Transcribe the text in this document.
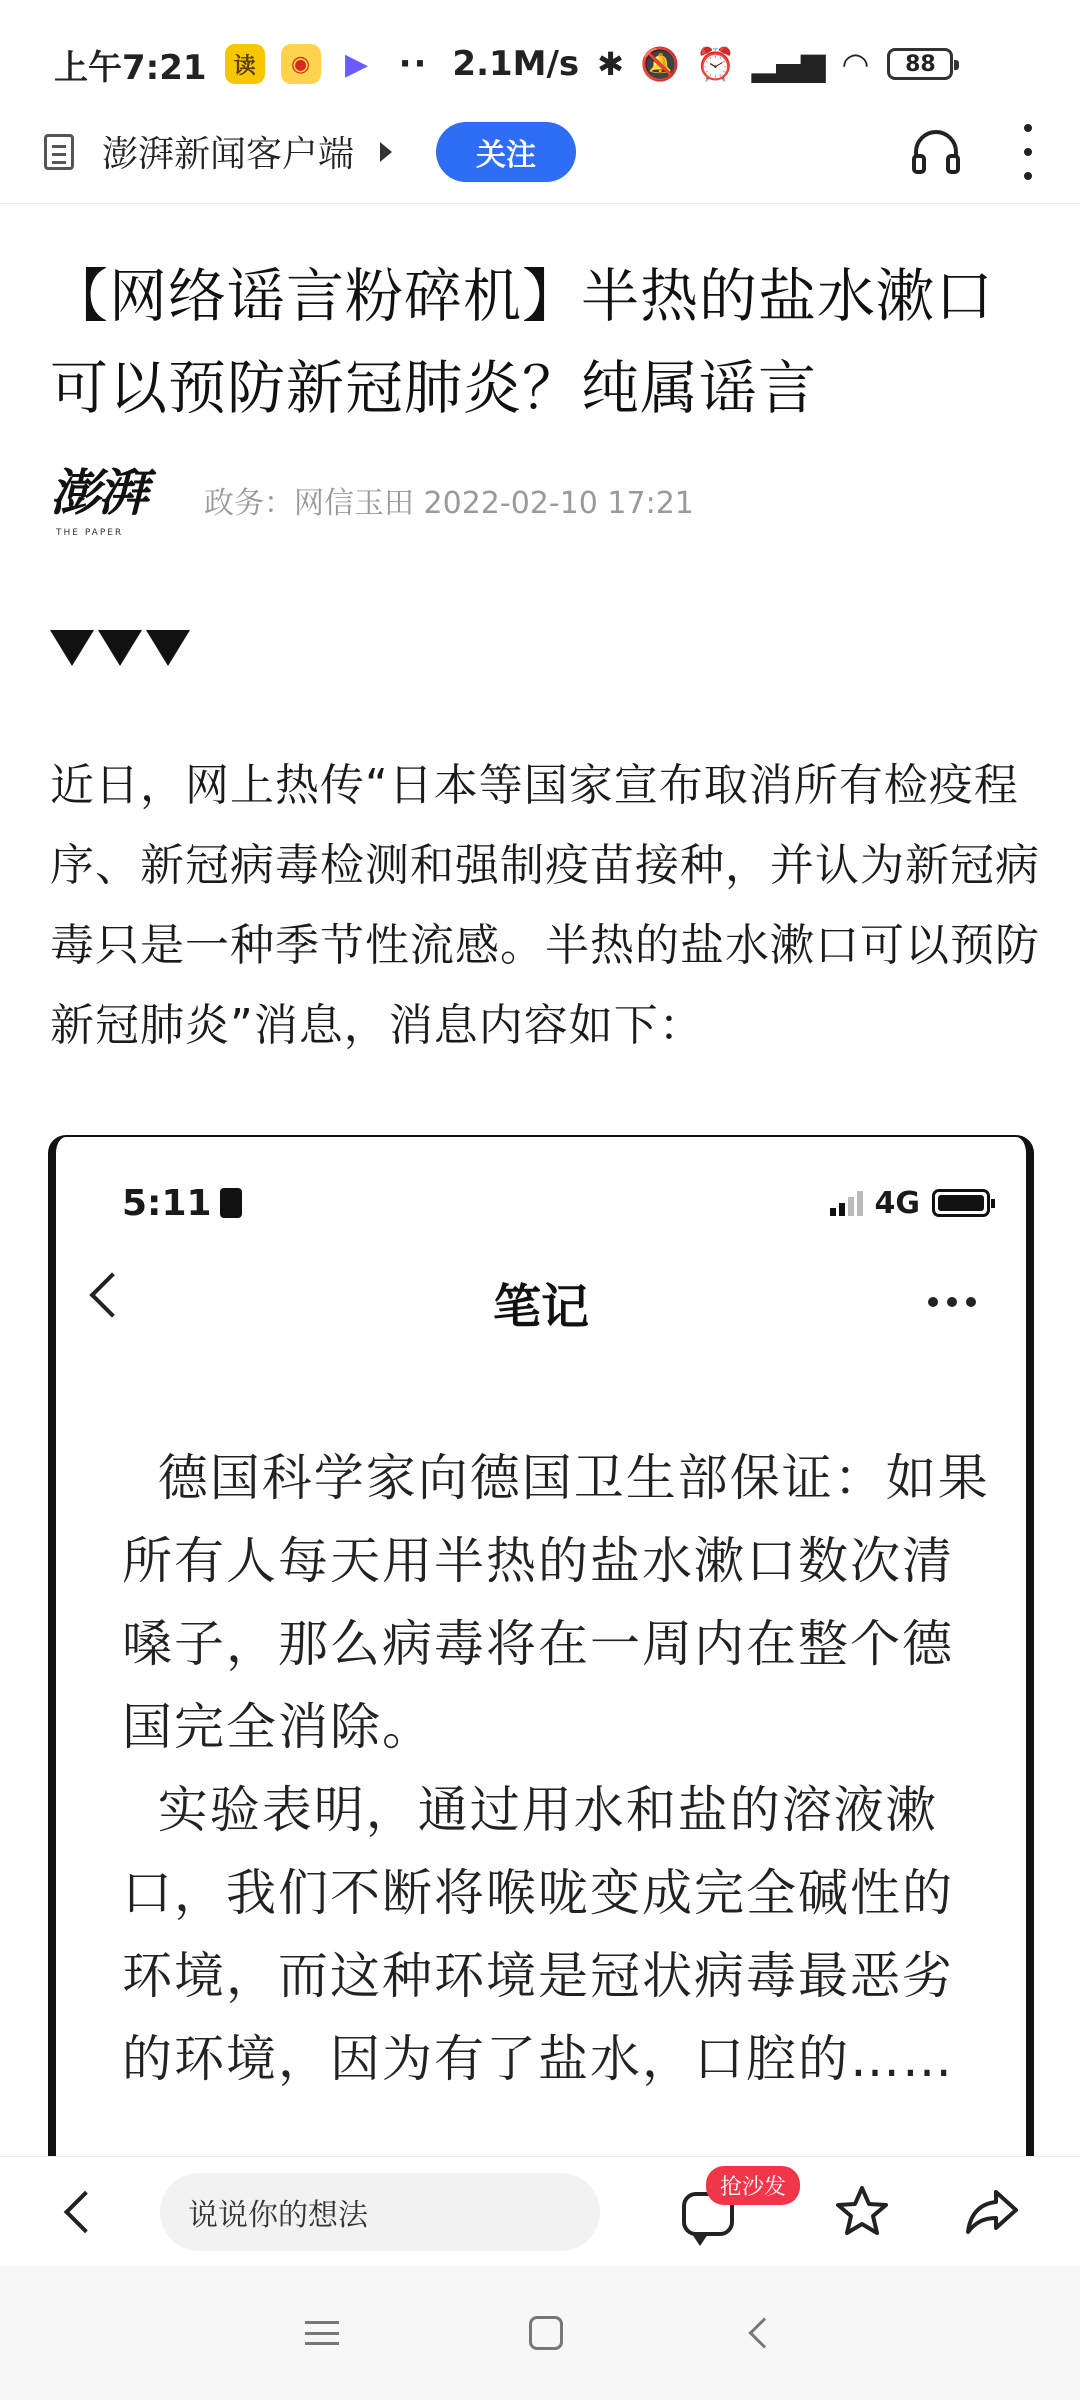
上午7:21	读	◉	▶ ·· 2.1M/s ✱ 🔕 ⏰ ▂▄▆ ◠	88
澎湃新闻客户端	关注
【网络谣言粉碎机】半热的盐水漱口可以预防新冠肺炎？纯属谣言
澎湃
THE PAPER
政务：网信玉田 2022-02-10 17:21

近日，网上热传“日本等国家宣布取消所有检疫程序、新冠病毒检测和强制疫苗接种，并认为新冠病毒只是一种季节性流感。半热的盐水漱口可以预防新冠肺炎”消息，消息内容如下：

5:11	4G
笔记

德国科学家向德国卫生部保证：如果所有人每天用半热的盐水漱口数次清嗓子，那么病毒将在一周内在整个德国完全消除。

实验表明，通过用水和盐的溶液漱口，我们不断将喉咙变成完全碱性的环境，而这种环境是冠状病毒最恶劣的环境，因为有了盐水，口腔的……

说说你的想法
抢沙发
